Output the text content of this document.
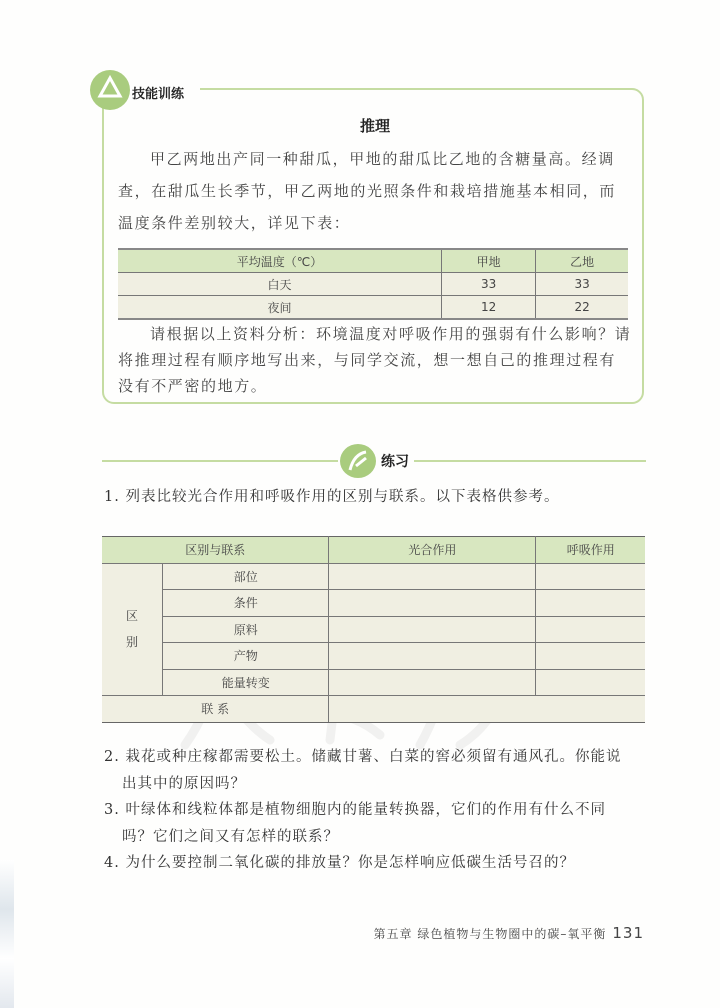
技能训练
推理
甲乙两地出产同一种甜瓜，甲地的甜瓜比乙地的含糖量高。经调查，在甜瓜生长季节，甲乙两地的光照条件和栽培措施基本相同，而温度条件差别较大，详见下表：
平均温度（℃）	甲地	乙地
白天	33	33
夜间	12	22
请根据以上资料分析：环境温度对呼吸作用的强弱有什么影响？请将推理过程有顺序地写出来，与同学交流，想一想自己的推理过程有没有不严密的地方。
练习
1. 列表比较光合作用和呼吸作用的区别与联系。以下表格供参考。
区别与联系		光合作用	呼吸作用
区
别	部位		
	条件		
	原料		
	产物		
	能量转变		
联 系			
2. 栽花或种庄稼都需要松土。储藏甘薯、白菜的窖必须留有通风孔。你能说
出其中的原因吗？
3. 叶绿体和线粒体都是植物细胞内的能量转换器，它们的作用有什么不同
吗？它们之间又有怎样的联系？
4. 为什么要控制二氧化碳的排放量？你是怎样响应低碳生活号召的？
第五章 绿色植物与生物圈中的碳–氧平衡 131
